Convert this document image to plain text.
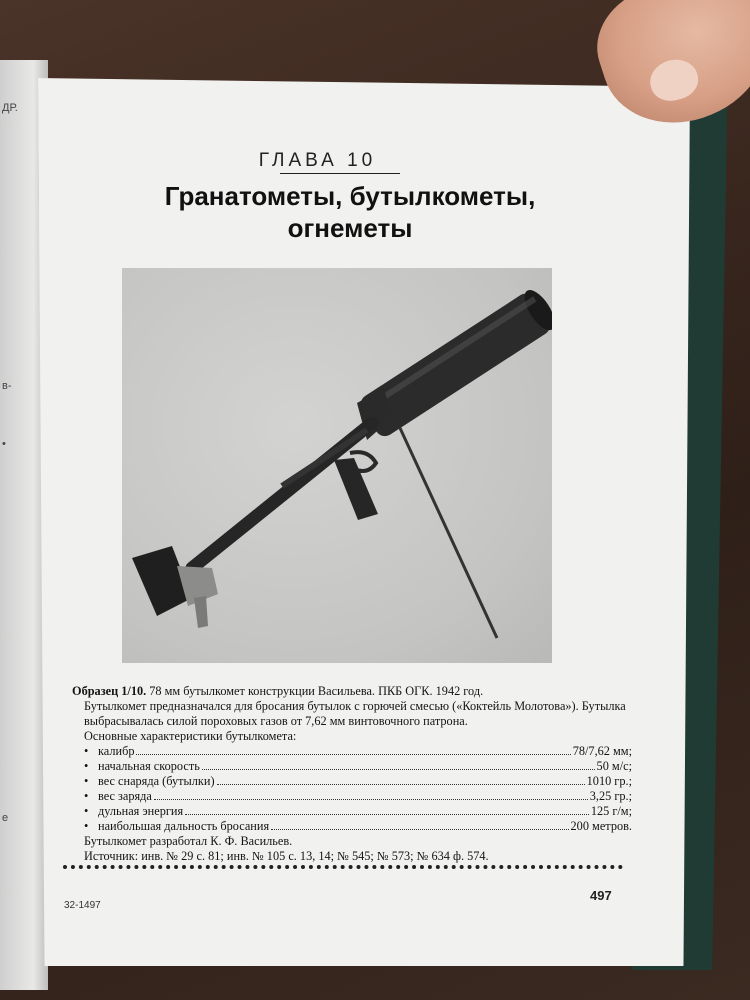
ДР.
в-
•
е
ГЛАВА 10
Гранатометы, бутылкометы,
огнеметы

Образец 1/10. 78 мм бутылкомет конструкции Васильева. ПКБ ОГК. 1942 год.

Бутылкомет предназначался для бросания бутылок с горючей смесью («Коктейль Молотова»). Бутылка выбрасывалась силой пороховых газов от 7,62 мм винтовочного патрона.

Основные характеристики бутылкомета:

• калибр	78/7,62 мм;
• начальная скорость	50 м/с;
• вес снаряда (бутылки)	1010 гр.;
• вес заряда	3,25 гр.;
• дульная энергия	125 г/м;
• наибольшая дальность бросания	200 метров.

Бутылкомет разработал К. Ф. Васильев.

Источник: инв. № 29 с. 81; инв. № 105 с. 13, 14; № 545; № 573; № 634 ф. 574.

32-1497
497
